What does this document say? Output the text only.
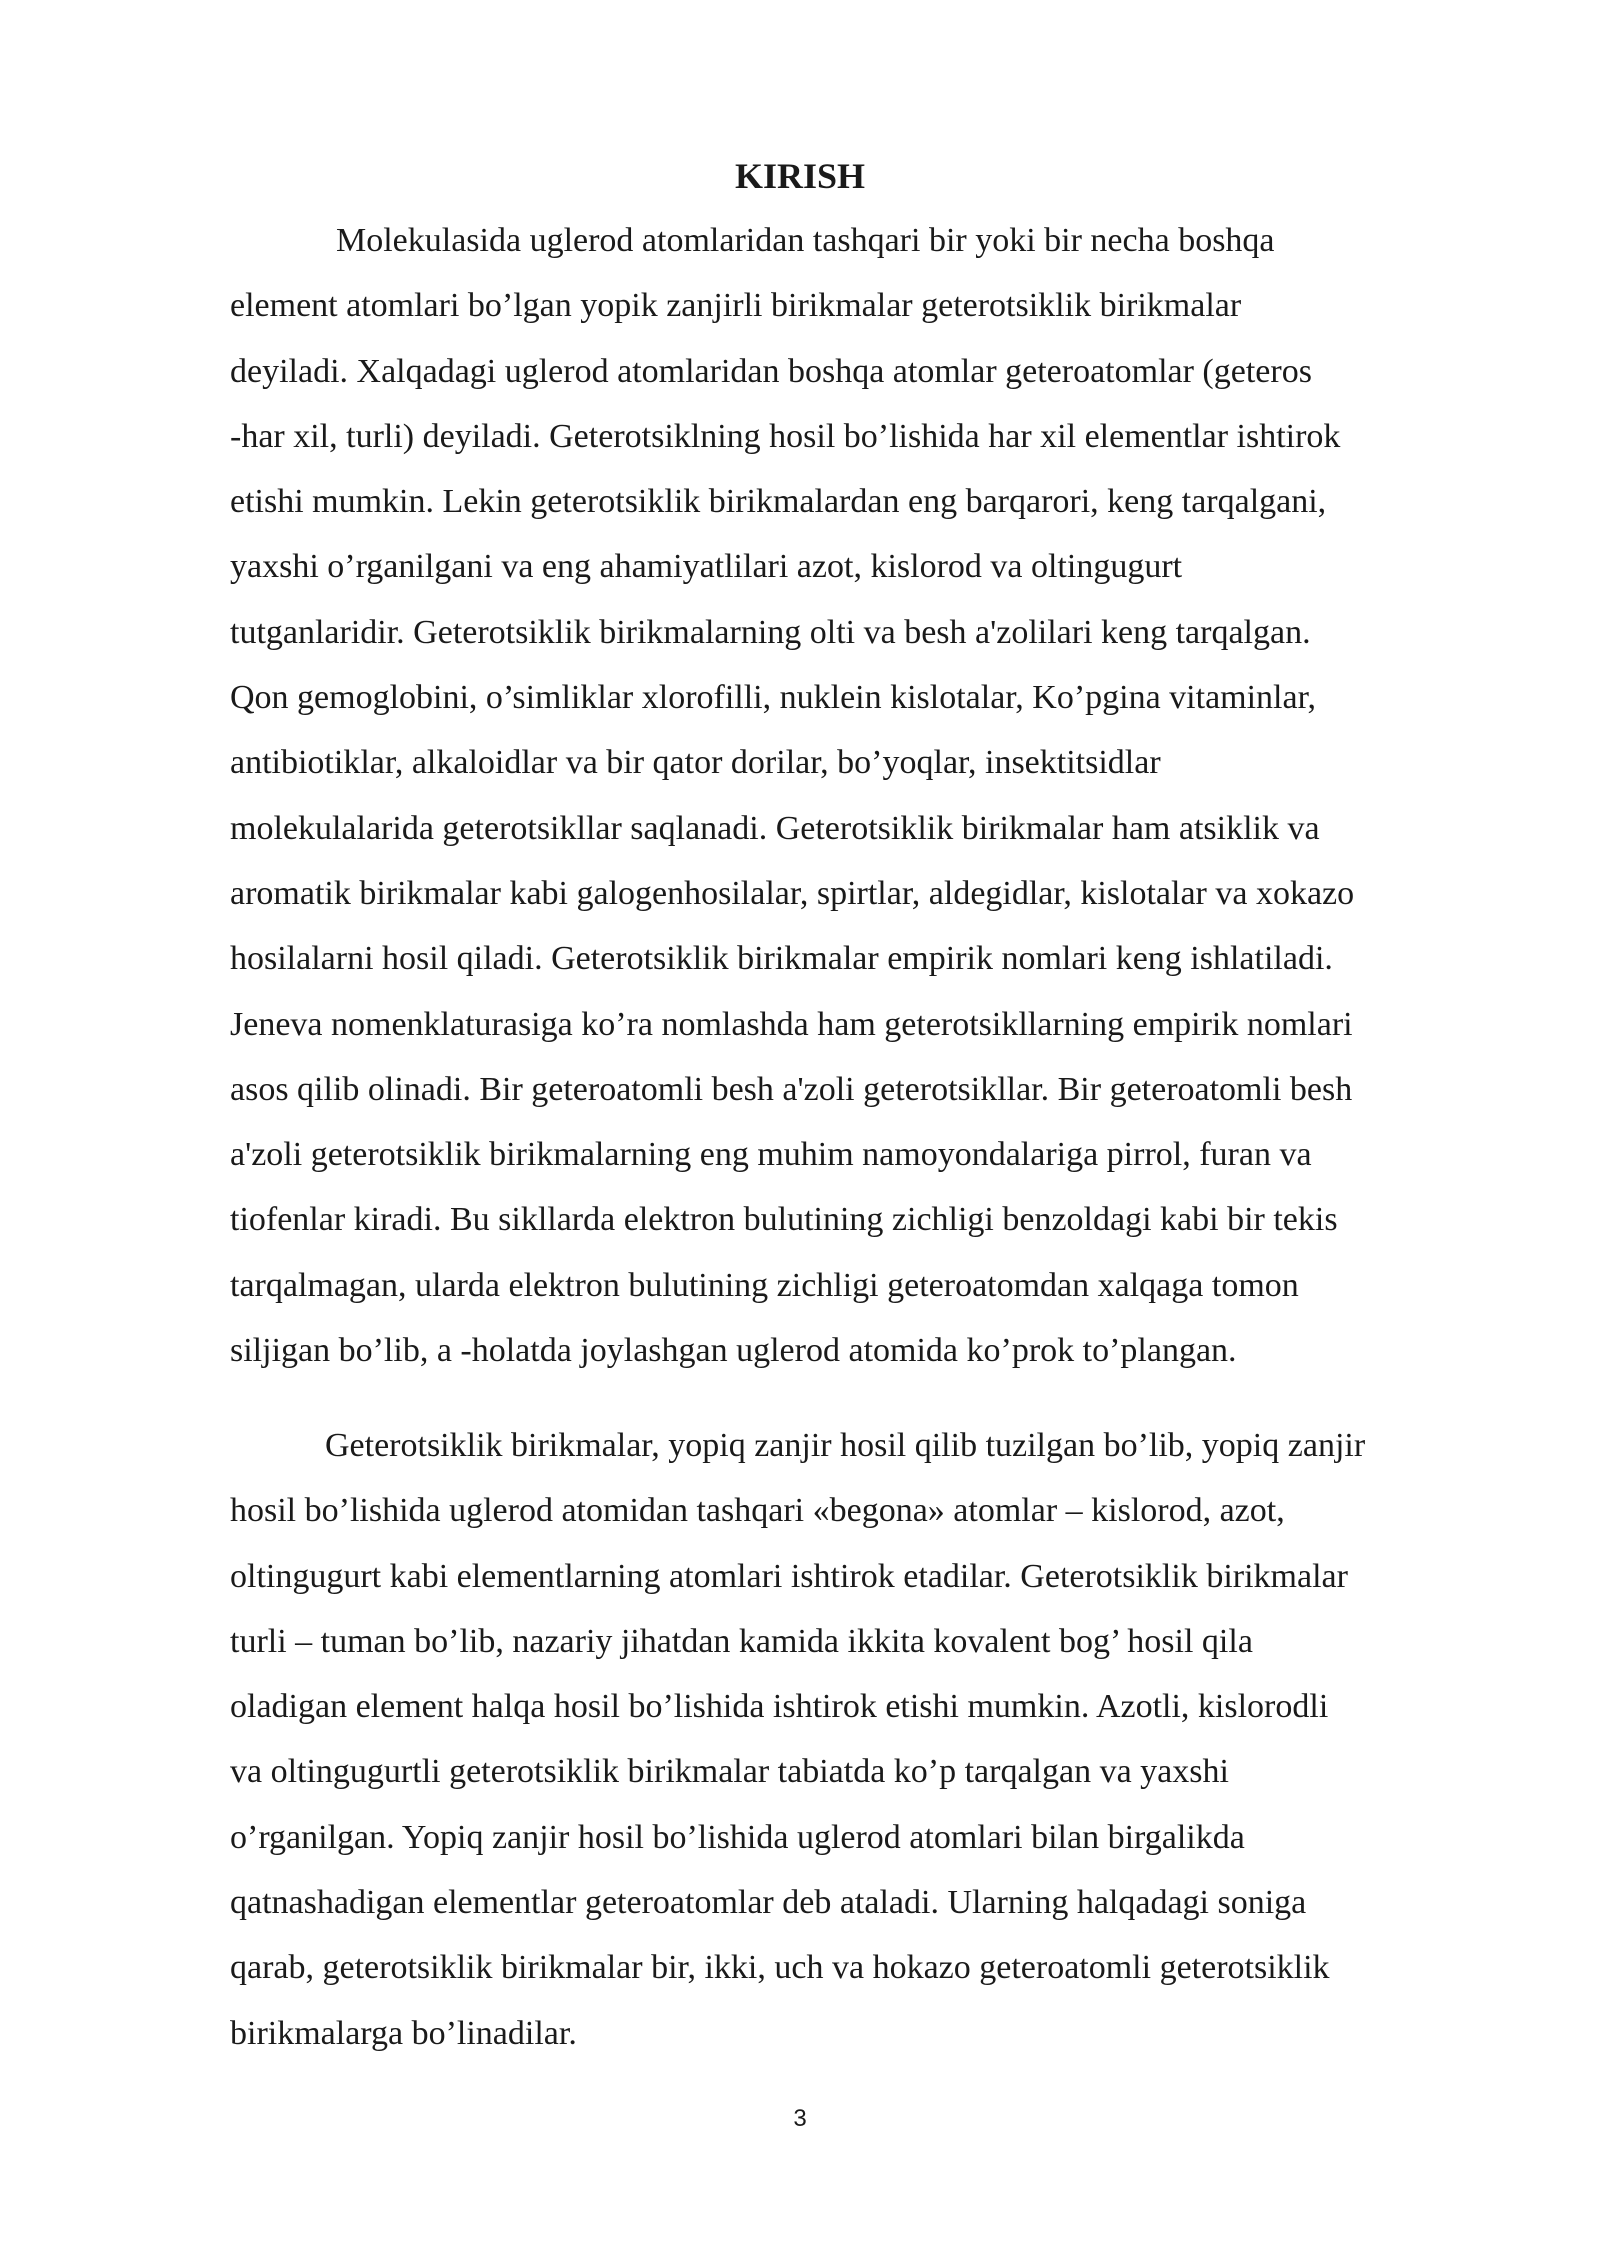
KIRISH
Molekulasida uglerod atomlaridan tashqari bir yoki bir necha boshqa
element atomlari bo’lgan yopik zanjirli birikmalar geterotsiklik birikmalar
deyiladi. Xalqadagi uglerod atomlaridan boshqa atomlar geteroatomlar (geteros
-har xil, turli) deyiladi. Geterotsiklning hosil bo’lishida har xil elementlar ishtirok
etishi mumkin. Lekin geterotsiklik birikmalardan eng barqarori, keng tarqalgani,
yaxshi o’rganilgani va eng ahamiyatlilari azot, kislorod va oltingugurt
tutganlaridir. Geterotsiklik birikmalarning olti va besh a'zolilari keng tarqalgan.
Qon gemoglobini, o’simliklar xlorofilli, nuklein kislotalar, Ko’pgina vitaminlar,
antibiotiklar, alkaloidlar va bir qator dorilar, bo’yoqlar, insektitsidlar
molekulalarida geterotsikllar saqlanadi. Geterotsiklik birikmalar ham atsiklik va
aromatik birikmalar kabi galogenhosilalar, spirtlar, aldegidlar, kislotalar va xokazo
hosilalarni hosil qiladi. Geterotsiklik birikmalar empirik nomlari keng ishlatiladi.
Jeneva nomenklaturasiga ko’ra nomlashda ham geterotsikllarning empirik nomlari
asos qilib olinadi. Bir geteroatomli besh a'zoli geterotsikllar. Bir geteroatomli besh
a'zoli geterotsiklik birikmalarning eng muhim namoyondalariga pirrol, furan va
tiofenlar kiradi. Bu sikllarda elektron bulutining zichligi benzoldagi kabi bir tekis
tarqalmagan, ularda elektron bulutining zichligi geteroatomdan xalqaga tomon
siljigan bo’lib, a -holatda joylashgan uglerod atomida ko’prok to’plangan.
Geterotsiklik birikmalar, yopiq zanjir hosil qilib tuzilgan bo’lib, yopiq zanjir
hosil bo’lishida uglerod atomidan tashqari «begona» atomlar – kislorod, azot,
oltingugurt kabi elementlarning atomlari ishtirok etadilar. Geterotsiklik birikmalar
turli – tuman bo’lib, nazariy jihatdan kamida ikkita kovalent bog’ hosil qila
oladigan element halqa hosil bo’lishida ishtirok etishi mumkin. Azotli, kislorodli
va oltingugurtli geterotsiklik birikmalar tabiatda ko’p tarqalgan va yaxshi
o’rganilgan. Yopiq zanjir hosil bo’lishida uglerod atomlari bilan birgalikda
qatnashadigan elementlar geteroatomlar deb ataladi. Ularning halqadagi soniga
qarab, geterotsiklik birikmalar bir, ikki, uch va hokazo geteroatomli geterotsiklik
birikmalarga bo’linadilar.
3
